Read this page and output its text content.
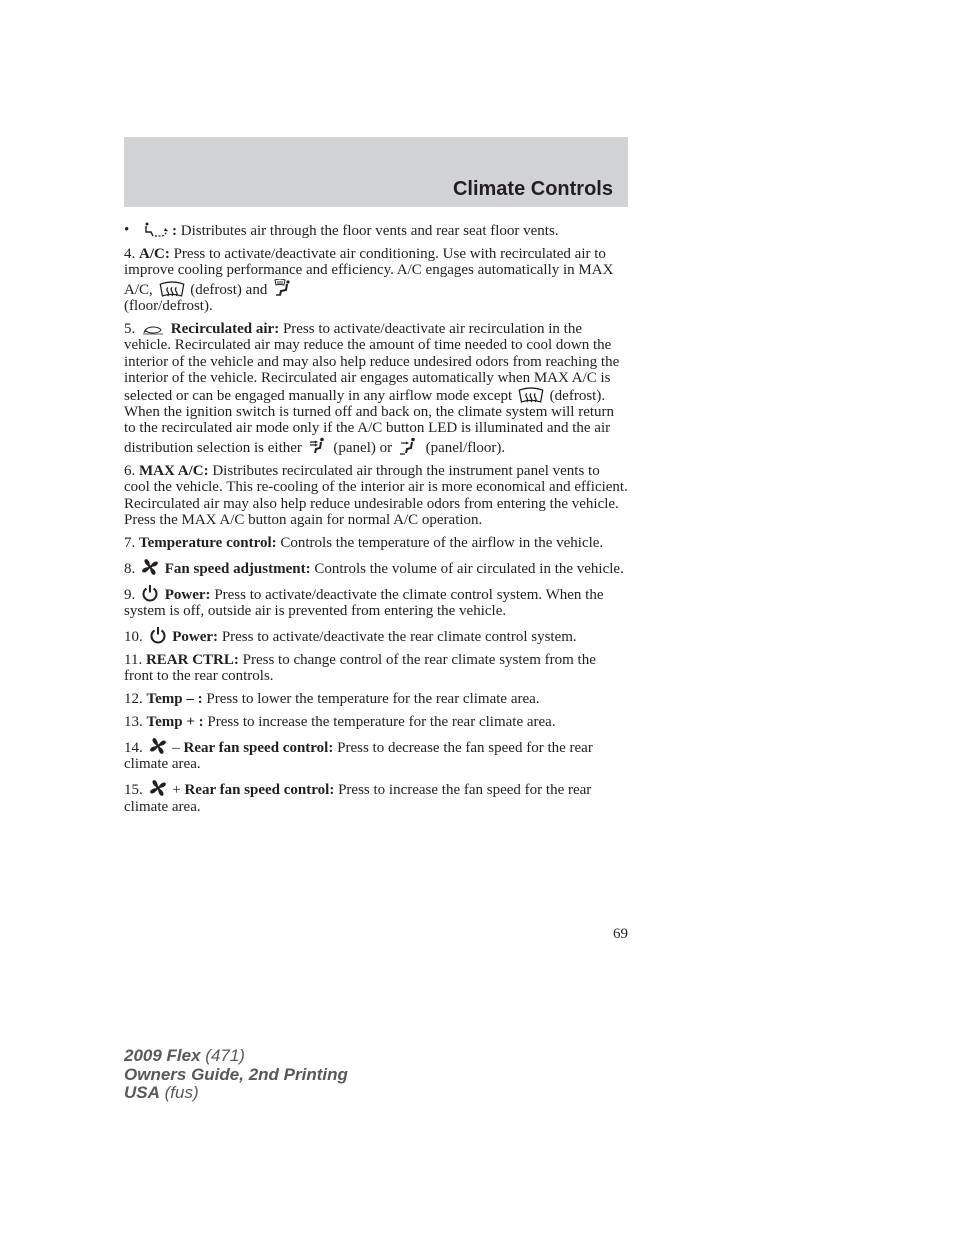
Climate Controls

•	: Distributes air through the floor vents and rear seat floor vents.

4. A/C: Press to activate/deactivate air conditioning. Use with recirculated air to improve cooling performance and efficiency. A/C engages automatically in MAX A/C,
(defrost) and

(floor/defrost).

5. Recirculated air: Press to activate/deactivate air recirculation in the vehicle. Recirculated air may reduce the amount of time needed to cool down the interior of the vehicle and may also help reduce undesired odors from reaching the interior of the vehicle. Recirculated air engages automatically when MAX A/C is selected or can be engaged manually in any airflow mode except
(defrost). When the ignition switch is turned off and back on, the climate system will return to the recirculated air mode only if the A/C button LED is illuminated and the air distribution selection is either
(panel) or
(panel/floor).

6. MAX A/C: Distributes recirculated air through the instrument panel vents to cool the vehicle. This re-cooling of the interior air is more economical and efficient. Recirculated air may also help reduce undesirable odors from entering the vehicle. Press the MAX A/C button again for normal A/C operation.

7. Temperature control: Controls the temperature of the airflow in the vehicle.

8. Fan speed adjustment: Controls the volume of air circulated in the vehicle.

9. Power: Press to activate/deactivate the climate control system. When the system is off, outside air is prevented from entering the vehicle.

10. Power: Press to activate/deactivate the rear climate control system.

11. REAR CTRL: Press to change control of the rear climate system from the front to the rear controls.

12. Temp – : Press to lower the temperature for the rear climate area.

13. Temp + : Press to increase the temperature for the rear climate area.

14. – Rear fan speed control: Press to decrease the fan speed for the rear climate area.

15. + Rear fan speed control: Press to increase the fan speed for the rear climate area.

69
2009 Flex (471)
Owners Guide, 2nd Printing
USA (fus)
